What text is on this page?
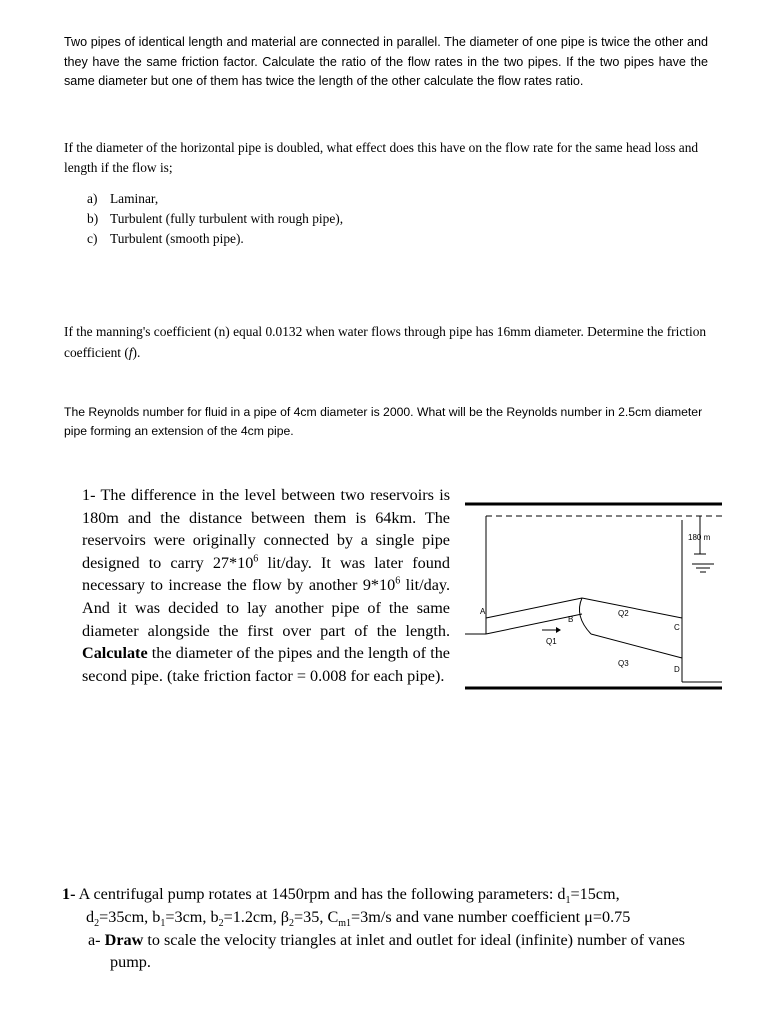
Two pipes of identical length and material are connected in parallel. The diameter of one pipe is twice the other and they have the same friction factor. Calculate the ratio of the flow rates in the two pipes. If the two pipes have the same diameter but one of them has twice the length of the other calculate the flow rates ratio.
If the diameter of the horizontal pipe is doubled, what effect does this have on the flow rate for the same head loss and length if the flow is;
a) Laminar,
b) Turbulent (fully turbulent with rough pipe),
c) Turbulent (smooth pipe).
If the manning's coefficient (n) equal 0.0132 when water flows through pipe has 16mm diameter. Determine the friction coefficient (f).
The Reynolds number for fluid in a pipe of 4cm diameter is 2000. What will be the Reynolds number in 2.5cm diameter pipe forming an extension of the 4cm pipe.
1- The difference in the level between two reservoirs is 180m and the distance between them is 64km. The reservoirs were originally connected by a single pipe designed to carry $27*10^6$ lit/day. It was later found necessary to increase the flow by another $9*10^6$ lit/day. And it was decided to lay another pipe of the same diameter alongside the first over part of the length. Calculate the diameter of the pipes and the length of the second pipe. (take friction factor = 0.008 for each pipe).
180 m
A
B
C
D
Q1
Q2
Q3
1- A centrifugal pump rotates at 1450rpm and has the following parameters: $d_1=15cm$,
$d_2=35cm$, $b_1=3cm$, $b_2=1.2cm$, $\beta_2=35$, $C_{m1}=3m/s$ and vane number coefficient μ=0.75
a- Draw to scale the velocity triangles at inlet and outlet for ideal (infinite) number of vanes pump.
